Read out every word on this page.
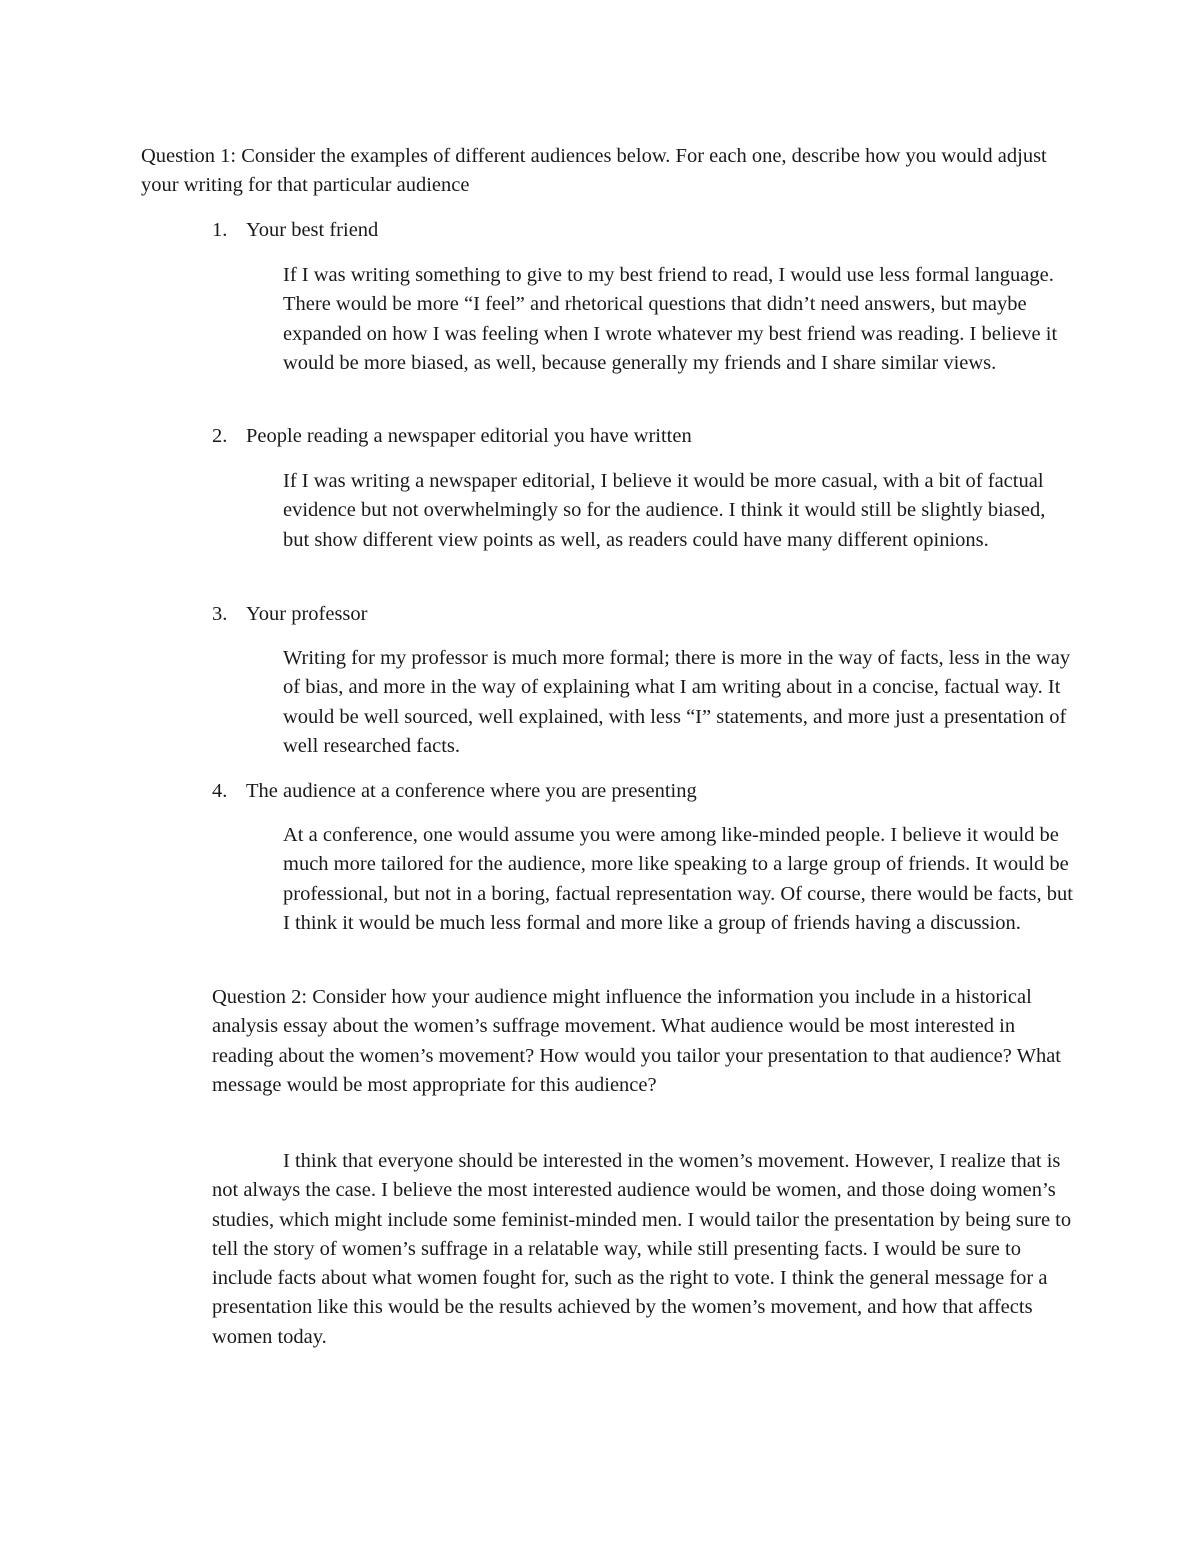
Question 1: Consider the examples of different audiences below. For each one, describe how you would adjust your writing for that particular audience

1. Your best friend

If I was writing something to give to my best friend to read, I would use less formal language. There would be more “I feel” and rhetorical questions that didn’t need answers, but maybe expanded on how I was feeling when I wrote whatever my best friend was reading. I believe it would be more biased, as well, because generally my friends and I share similar views.

2. People reading a newspaper editorial you have written

If I was writing a newspaper editorial, I believe it would be more casual, with a bit of factual evidence but not overwhelmingly so for the audience. I think it would still be slightly biased, but show different view points as well, as readers could have many different opinions.

3. Your professor

Writing for my professor is much more formal; there is more in the way of facts, less in the way of bias, and more in the way of explaining what I am writing about in a concise, factual way. It would be well sourced, well explained, with less “I” statements, and more just a presentation of well researched facts.

4. The audience at a conference where you are presenting

At a conference, one would assume you were among like-minded people. I believe it would be much more tailored for the audience, more like speaking to a large group of friends. It would be professional, but not in a boring, factual representation way. Of course, there would be facts, but I think it would be much less formal and more like a group of friends having a discussion.

Question 2: Consider how your audience might influence the information you include in a historical analysis essay about the women’s suffrage movement. What audience would be most interested in reading about the women’s movement? How would you tailor your presentation to that audience? What message would be most appropriate for this audience?

I think that everyone should be interested in the women’s movement. However, I realize that is not always the case. I believe the most interested audience would be women, and those doing women’s studies, which might include some feminist-minded men. I would tailor the presentation by being sure to tell the story of women’s suffrage in a relatable way, while still presenting facts. I would be sure to include facts about what women fought for, such as the right to vote. I think the general message for a presentation like this would be the results achieved by the women’s movement, and how that affects women today.
